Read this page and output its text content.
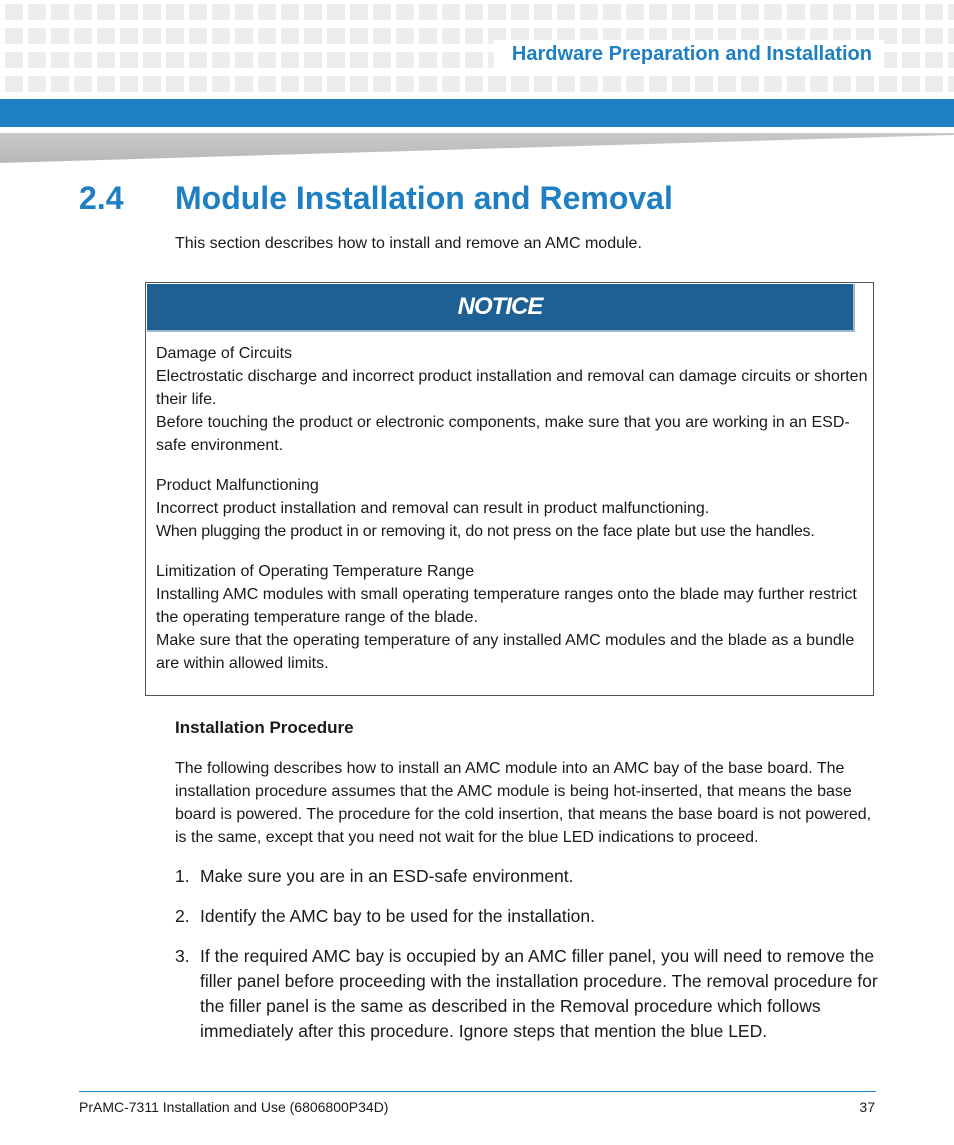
Hardware Preparation and Installation
2.4 Module Installation and Removal
This section describes how to install and remove an AMC module.
NOTICE

Damage of Circuits

Electrostatic discharge and incorrect product installation and removal can damage circuits or shorten their life.

Before touching the product or electronic components, make sure that you are working in an ESD-safe environment.

Product Malfunctioning

Incorrect product installation and removal can result in product malfunctioning.

When plugging the product in or removing it, do not press on the face plate but use the handles.

Limitization of Operating Temperature Range

Installing AMC modules with small operating temperature ranges onto the blade may further restrict the operating temperature range of the blade.

Make sure that the operating temperature of any installed AMC modules and the blade as a bundle are within allowed limits.

Installation Procedure
The following describes how to install an AMC module into an AMC bay of the base board. The installation procedure assumes that the AMC module is being hot-inserted, that means the base board is powered. The procedure for the cold insertion, that means the base board is not powered, is the same, except that you need not wait for the blue LED indications to proceed.
1. Make sure you are in an ESD-safe environment.
2. Identify the AMC bay to be used for the installation.
3. If the required AMC bay is occupied by an AMC filler panel, you will need to remove the filler panel before proceeding with the installation procedure. The removal procedure for the filler panel is the same as described in the Removal procedure which follows immediately after this procedure. Ignore steps that mention the blue LED.
PrAMC-7311 Installation and Use (6806800P34D)	37
